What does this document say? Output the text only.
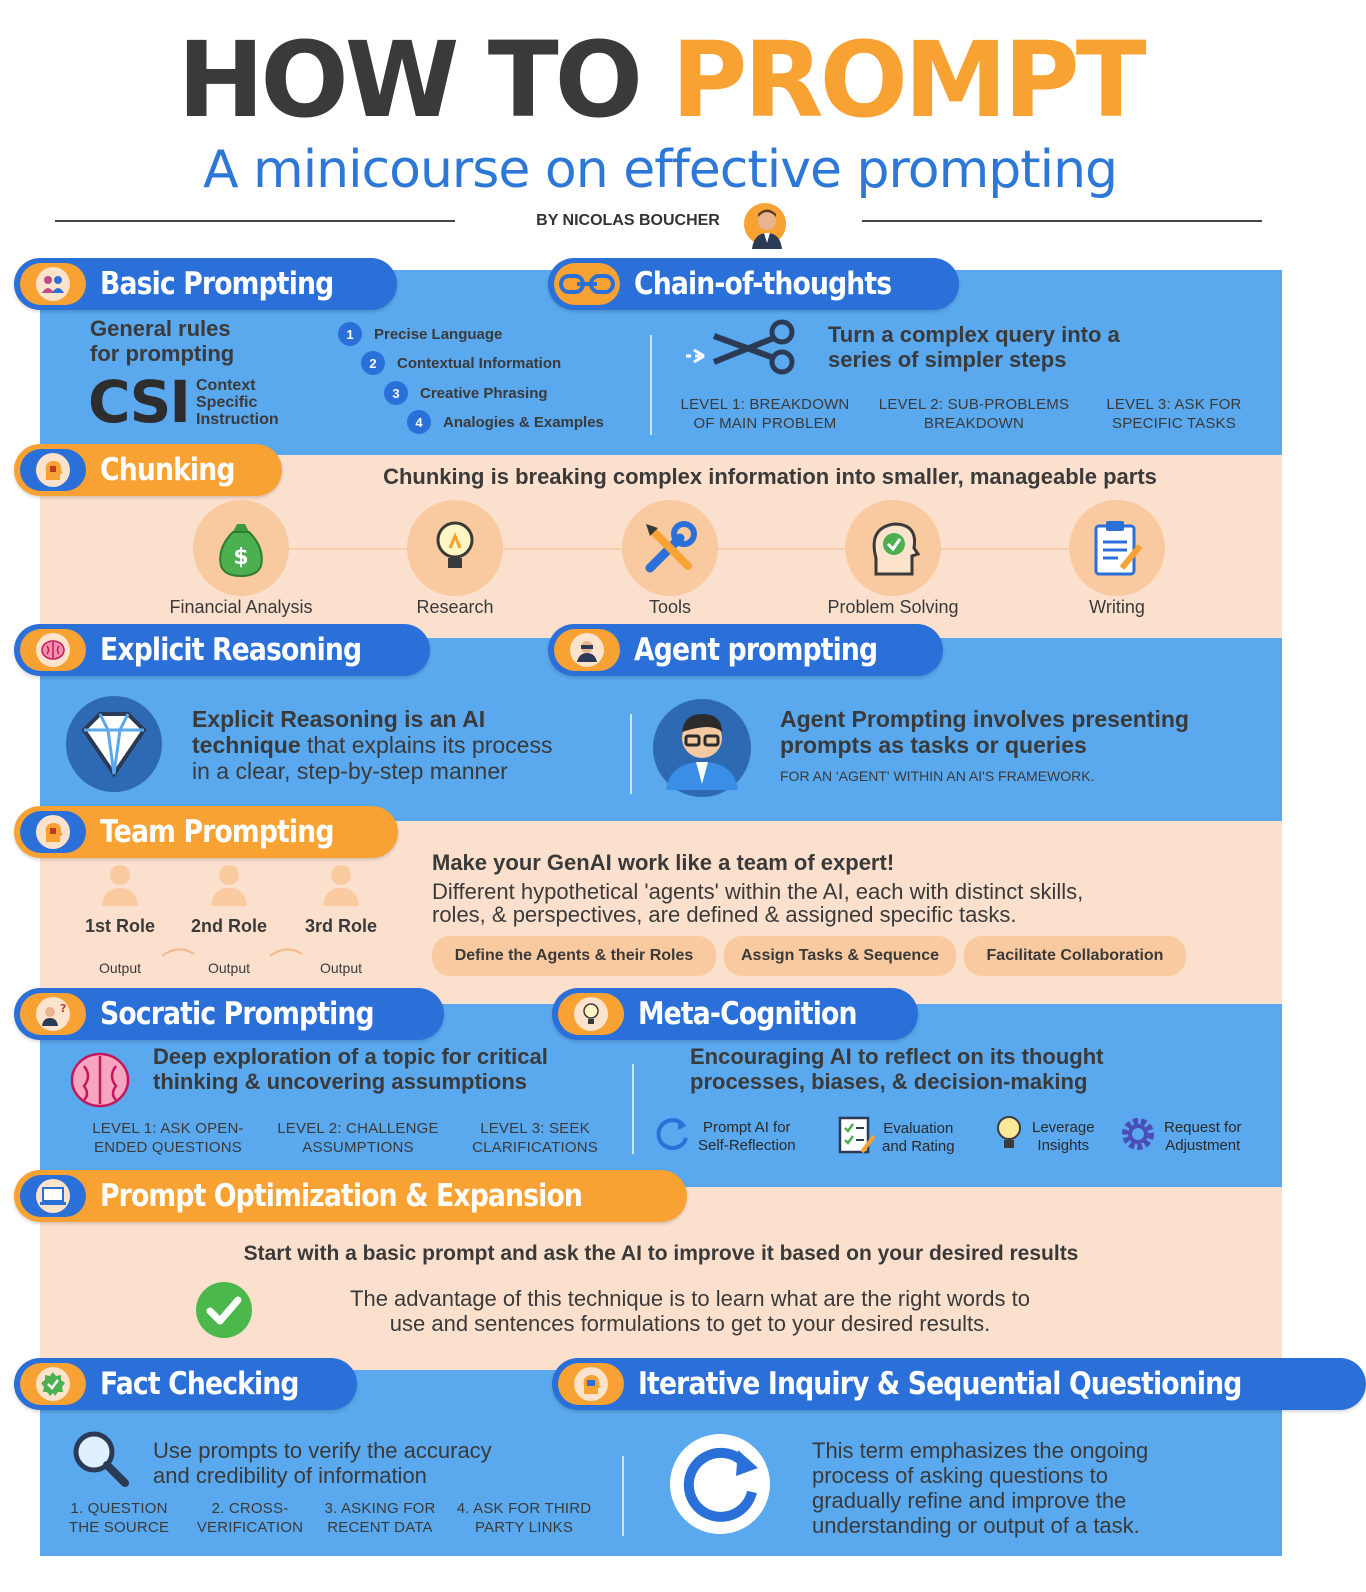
HOW TO PROMPT
A minicourse on effective prompting
BY NICOLAS BOUCHER
Basic Prompting	Chain-of-thoughts
General rules
for prompting
CSI Context
Specific
Instruction
1	Precise Language
2	Contextual Information
3	Creative Phrasing
4	Analogies & Examples
Turn a complex query into a
series of simpler steps
LEVEL 1: BREAKDOWN
OF MAIN PROBLEM
LEVEL 2: SUB-PROBLEMS
BREAKDOWN
LEVEL 3: ASK FOR
SPECIFIC TASKS
Chunking	Chunking is breaking complex information into smaller, manageable parts
$
Financial Analysis	Research	Tools	Problem Solving	Writing
Explicit Reasoning	Agent prompting
Explicit Reasoning is an AI
technique that explains its process
in a clear, step-by-step manner
Agent Prompting involves presenting
prompts as tasks or queries
FOR AN 'AGENT' WITHIN AN AI'S FRAMEWORK.
Team Prompting
1st Role	2nd Role	3rd Role
Output	Output	Output
Make your GenAI work like a team of expert!
Different hypothetical 'agents' within the AI, each with distinct skills,
roles, & perspectives, are defined & assigned specific tasks.
Define the Agents & their Roles	Assign Tasks & Sequence	Facilitate Collaboration
? Socratic Prompting	Meta-Cognition
Deep exploration of a topic for critical
thinking & uncovering assumptions
LEVEL 1: ASK OPEN-
ENDED QUESTIONS
LEVEL 2: CHALLENGE
ASSUMPTIONS
LEVEL 3: SEEK
CLARIFICATIONS
Encouraging AI to reflect on its thought
processes, biases, & decision-making
Prompt AI for
Self-Reflection
Evaluation
and Rating
Leverage
Insights
Request for
Adjustment
Prompt Optimization & Expansion
Start with a basic prompt and ask the AI to improve it based on your desired results
The advantage of this technique is to learn what are the right words to
use and sentences formulations to get to your desired results.
Fact Checking	Iterative Inquiry & Sequential Questioning
Use prompts to verify the accuracy
and credibility of information
1. QUESTION
THE SOURCE
2. CROSS-
VERIFICATION
3. ASKING FOR
RECENT DATA
4. ASK FOR THIRD
PARTY LINKS
This term emphasizes the ongoing
process of asking questions to
gradually refine and improve the
understanding or output of a task.
